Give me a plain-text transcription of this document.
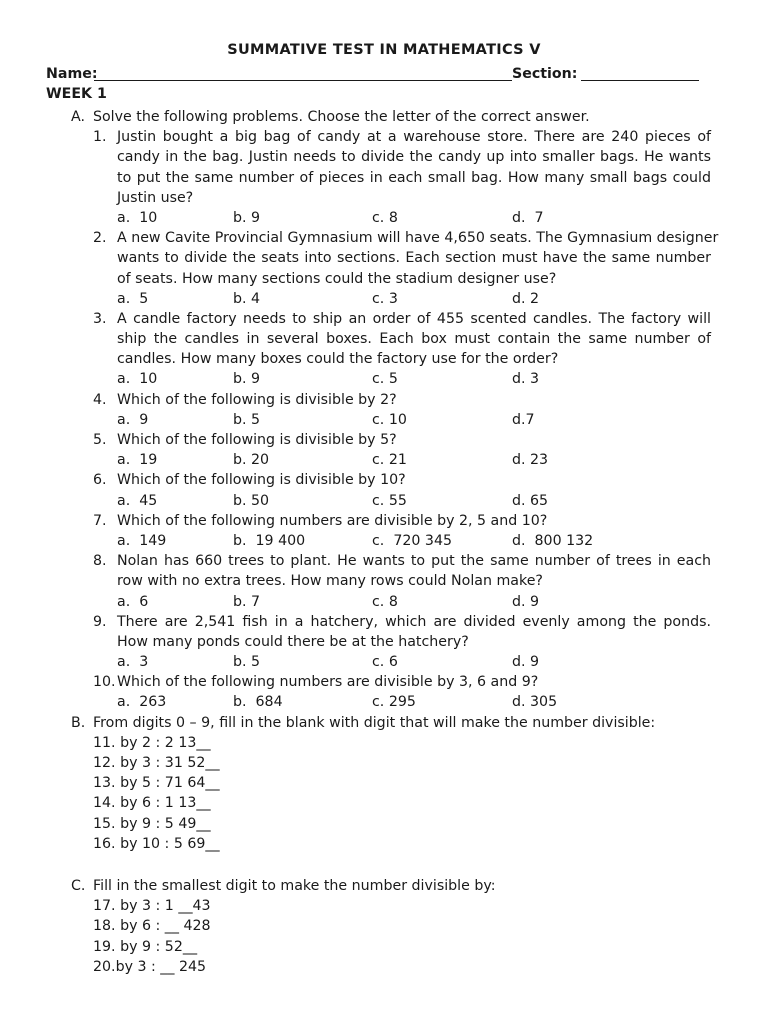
SUMMATIVE TEST IN MATHEMATICS V
Name:	Section:
WEEK 1
A. Solve the following problems. Choose the letter of the correct answer.
1. Justin bought a big bag of candy at a warehouse store. There are 240 pieces of
candy in the bag. Justin needs to divide the candy up into smaller bags. He wants
to put the same number of pieces in each small bag. How many small bags could
Justin use?
a.  10	b. 9	c. 8	d.  7
2. A new Cavite Provincial Gymnasium will have 4,650 seats. The Gymnasium designer
wants to divide the seats into sections. Each section must have the same number
of seats. How many sections could the stadium designer use?
a.  5	b. 4	c. 3	d. 2
3. A candle factory needs to ship an order of 455 scented candles. The factory will
ship the candles in several boxes. Each box must contain the same number of
candles. How many boxes could the factory use for the order?
a.  10	b. 9	c. 5	d. 3
4. Which of the following is divisible by 2?
a.  9	b. 5	c. 10	d.7
5. Which of the following is divisible by 5?
a.  19	b. 20	c. 21	d. 23
6. Which of the following is divisible by 10?
a.  45	b. 50	c. 55	d. 65
7. Which of the following numbers are divisible by 2, 5 and 10?
a.  149	b.  19 400	c.  720 345	d.  800 132
8. Nolan has 660 trees to plant. He wants to put the same number of trees in each
row with no extra trees. How many rows could Nolan make?
a.  6	b. 7	c. 8	d. 9
9. There are 2,541 fish in a hatchery, which are divided evenly among the ponds.
How many ponds could there be at the hatchery?
a.  3	b. 5	c. 6	d. 9
10. Which of the following numbers are divisible by 3, 6 and 9?
a.  263	b.  684	c. 295	d. 305
B. From digits 0 – 9, fill in the blank with digit that will make the number divisible:
11. by 2 : 2 13__
12. by 3 : 31 52__
13. by 5 : 71 64__
14. by 6 : 1 13__
15. by 9 : 5 49__
16. by 10 : 5 69__
C. Fill in the smallest digit to make the number divisible by:
17. by 3 : 1 __43
18. by 6 : __ 428
19. by 9 : 52__
20.by 3 : __ 245
